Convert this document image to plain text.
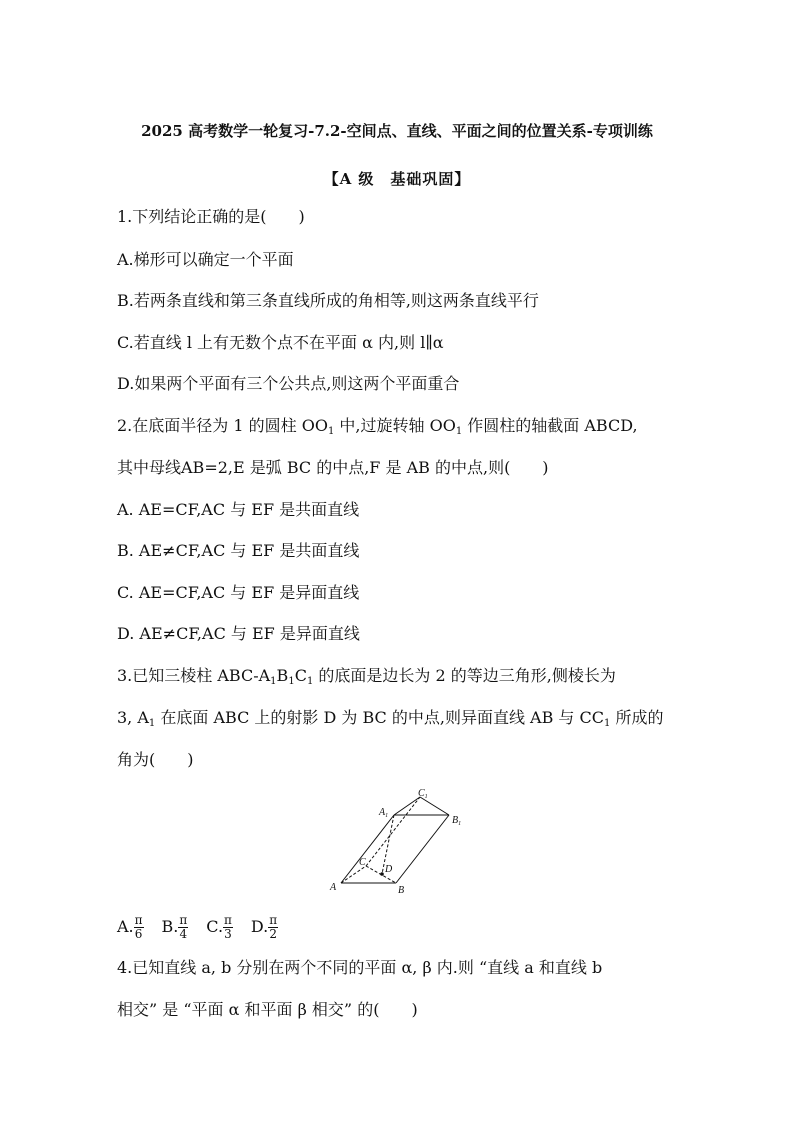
2025 高考数学一轮复习-7.2-空间点、直线、平面之间的位置关系-专项训练
【A 级　基础巩固】
1.下列结论正确的是(　　)
A.梯形可以确定一个平面
B.若两条直线和第三条直线所成的角相等,则这两条直线平行
C.若直线 l 上有无数个点不在平面 α 内,则 l∥α
D.如果两个平面有三个公共点,则这两个平面重合
2.在底面半径为 1 的圆柱 $OO_1$ 中,过旋转轴 $OO_1$ 作圆柱的轴截面 ABCD,
其中母线AB=2,E 是弧 BC 的中点,F 是 AB 的中点,则(　　)
A. AE=CF,AC 与 EF 是共面直线
B. AE≠CF,AC 与 EF 是共面直线
C. AE=CF,AC 与 EF 是异面直线
D. AE≠CF,AC 与 EF 是异面直线
3.已知三棱柱 ABC-$A_1B_1C_1$ 的底面是边长为 2 的等边三角形,侧棱长为
3, $A_1$ 在底面 ABC 上的射影 D 为 BC 的中点,则异面直线 AB 与 $CC_1$ 所成的
角为(　　)
$A_1$
$C_1$
$B_1$
A	B
C
D
A. $\frac{\pi}{6} B$. $\frac{\pi}{4} C$. $\frac{\pi}{3} D$. $\frac{\pi}{2}$
4.已知直线 a, b 分别在两个不同的平面 α, β 内.则 “直线 a 和直线 b
相交” 是 “平面 α 和平面 β 相交” 的(　　)
